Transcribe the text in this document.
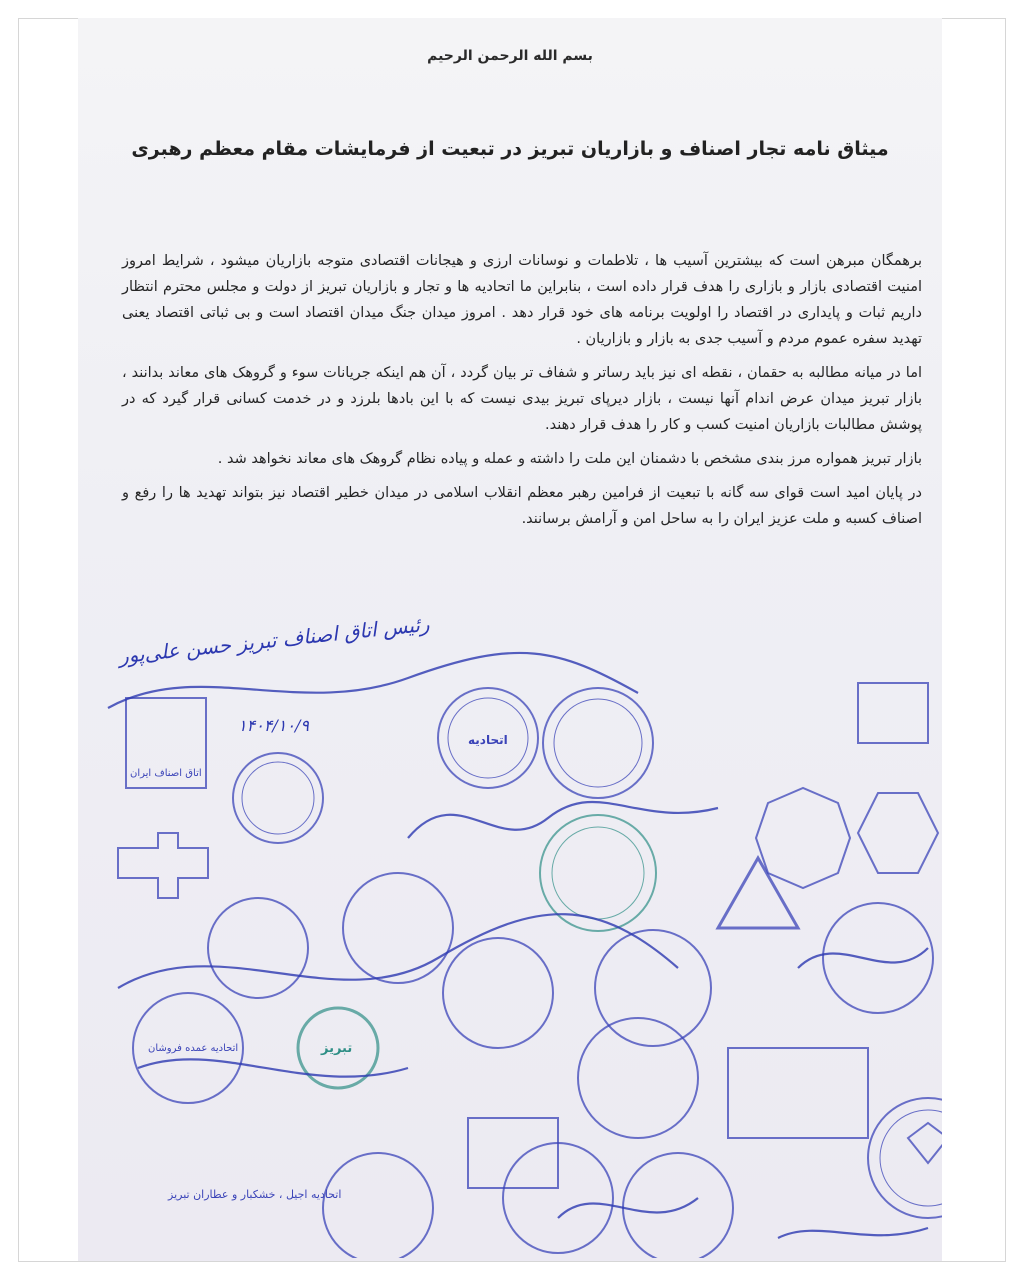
بسم الله الرحمن الرحیم
میثاق نامه تجار اصناف و بازاریان تبریز در تبعیت از فرمایشات مقام معظم رهبری

برهمگان مبرهن است که بیشترین آسیب ها ، تلاطمات و نوسانات ارزی و هیجانات اقتصادی متوجه بازاریان میشود ، شرایط امروز امنیت اقتصادی بازار و بازاری را هدف قرار داده است ، بنابراین ما اتحادیه ها و تجار و بازاریان تبریز از دولت و مجلس محترم انتظار داریم ثبات و پایداری در اقتصاد را اولویت برنامه های خود قرار دهد . امروز میدان جنگ میدان اقتصاد است و بی ثباتی اقتصاد یعنی تهدید سفره عموم مردم و آسیب جدی به بازار و بازاریان .

اما در میانه مطالبه به حقمان ، نقطه ای نیز باید رساتر و شفاف تر بیان گردد ، آن هم اینکه جریانات سوء و گروهک های معاند بدانند ، بازار تبریز میدان عرض اندام آنها نیست ، بازار دیرپای تبریز بیدی نیست که با این بادها بلرزد و در خدمت کسانی قرار گیرد که در پوشش مطالبات بازاریان امنیت کسب و کار را هدف قرار دهند.

بازار تبریز همواره مرز بندی مشخص با دشمنان این ملت را داشته و عمله و پیاده نظام گروهک های معاند نخواهد شد .

در پایان امید است قوای سه گانه با تبعیت از فرامین رهبر معظم انقلاب اسلامی در میدان خطیر اقتصاد نیز بتواند تهدید ها را رفع و اصناف کسبه و ملت عزیز ایران را به ساحل امن و آرامش برسانند.

رئیس اتاق اصناف تبریز حسن علی‌پور
۱۴۰۴/۱۰/۹
اتحادیه
اتاق اصناف ایران
تبریز
اتحادیه عمده فروشان
اتحادیه اجیل ، خشکبار و عطاران تبریز
